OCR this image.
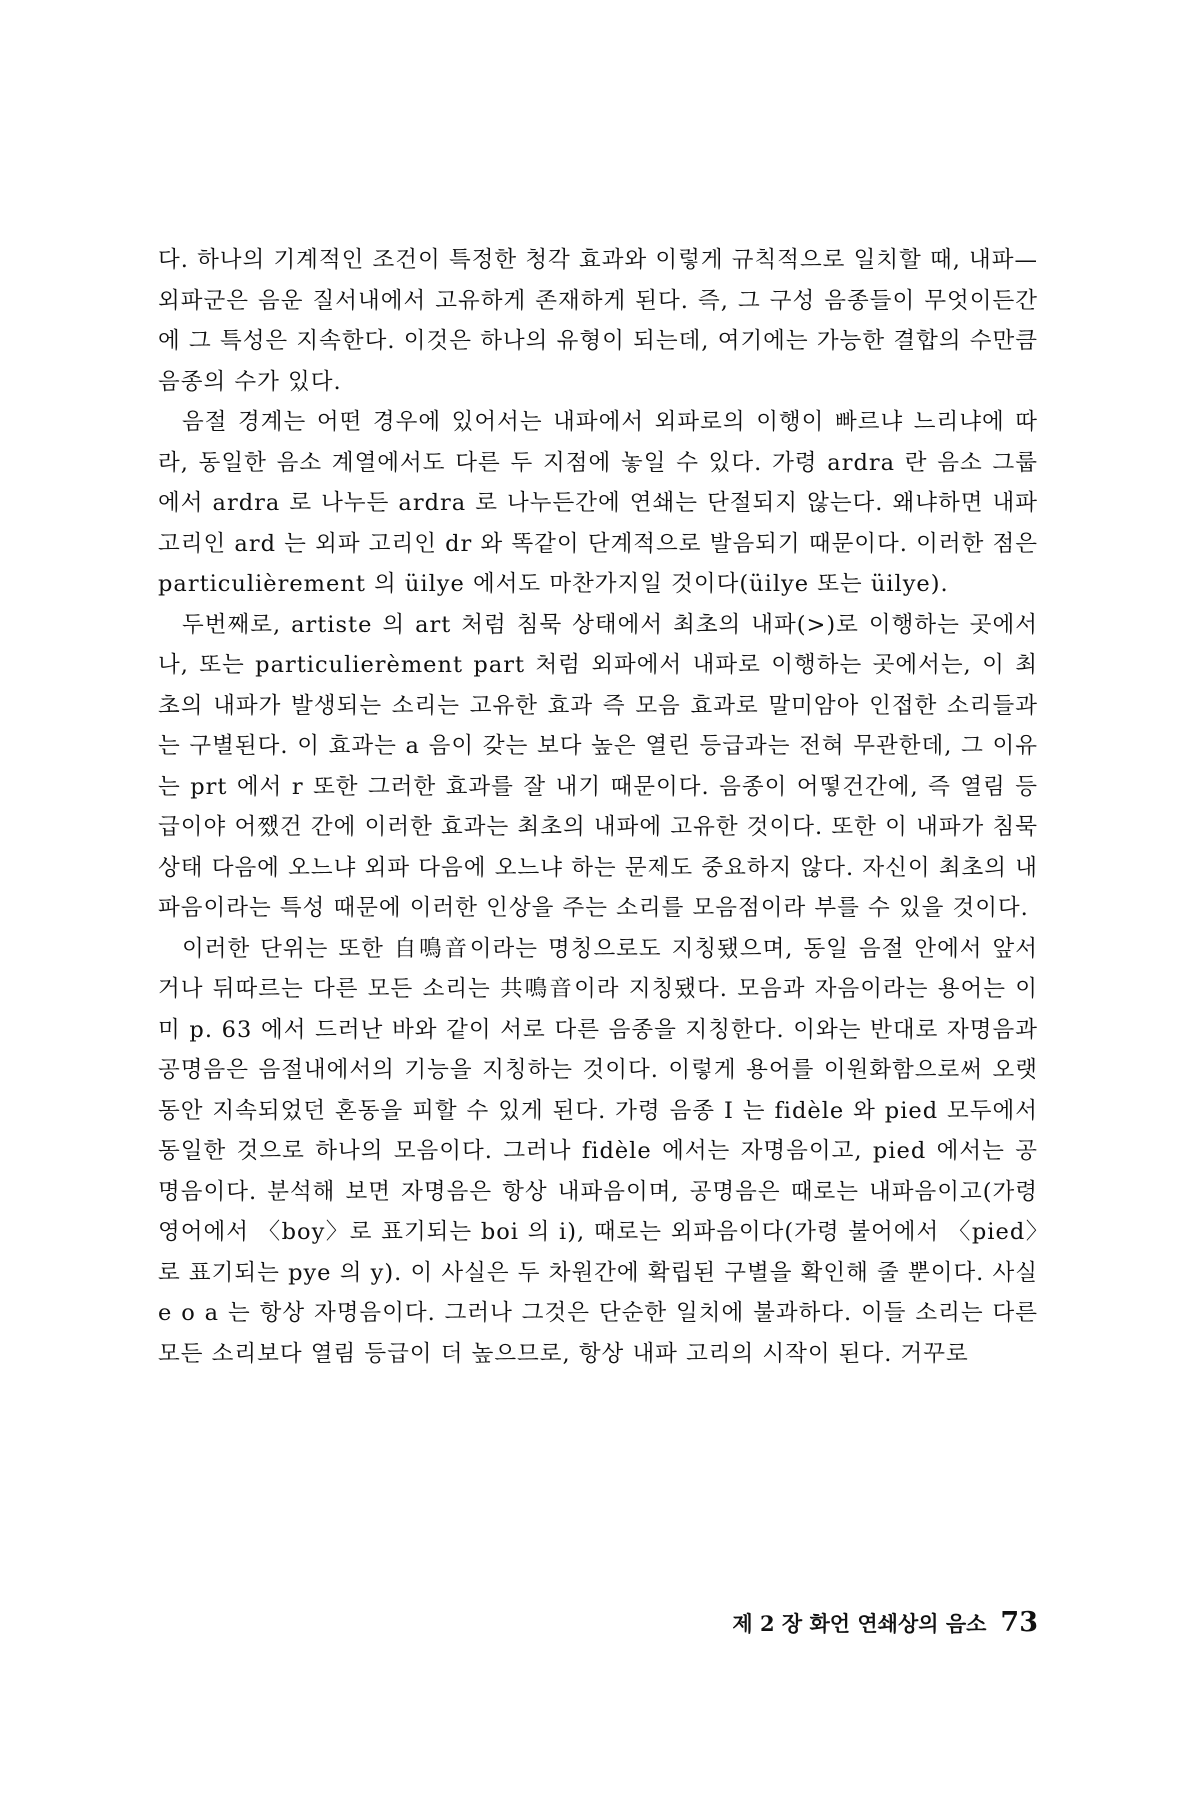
다. 하나의 기계적인 조건이 특정한 청각 효과와 이렇게 규칙적으로 일치할 때, 내파—외파군은 음운 질서내에서 고유하게 존재하게 된다. 즉, 그 구성 음종들이 무엇이든간에 그 특성은 지속한다. 이것은 하나의 유형이 되는데, 여기에는 가능한 결합의 수만큼 음종의 수가 있다.

음절 경계는 어떤 경우에 있어서는 내파에서 외파로의 이행이 빠르냐 느리냐에 따라, 동일한 음소 계열에서도 다른 두 지점에 놓일 수 있다. 가령 ardra 란 음소 그룹에서 ardra 로 나누든 ardra 로 나누든간에 연쇄는 단절되지 않는다. 왜냐하면 내파 고리인 ard 는 외파 고리인 dr 와 똑같이 단계적으로 발음되기 때문이다. 이러한 점은 particulièrement 의 üilye 에서도 마찬가지일 것이다(üilye 또는 üilye).

두번째로, artiste 의 art 처럼 침묵 상태에서 최초의 내파(>)로 이행하는 곳에서나, 또는 particulierèment part 처럼 외파에서 내파로 이행하는 곳에서는, 이 최초의 내파가 발생되는 소리는 고유한 효과 즉 모음 효과로 말미암아 인접한 소리들과는 구별된다. 이 효과는 a 음이 갖는 보다 높은 열린 등급과는 전혀 무관한데, 그 이유는 prt 에서 r 또한 그러한 효과를 잘 내기 때문이다. 음종이 어떻건간에, 즉 열림 등급이야 어쨌건 간에 이러한 효과는 최초의 내파에 고유한 것이다. 또한 이 내파가 침묵 상태 다음에 오느냐 외파 다음에 오느냐 하는 문제도 중요하지 않다. 자신이 최초의 내파음이라는 특성 때문에 이러한 인상을 주는 소리를 모음점이라 부를 수 있을 것이다.

이러한 단위는 또한 自鳴音이라는 명칭으로도 지칭됐으며, 동일 음절 안에서 앞서거나 뒤따르는 다른 모든 소리는 共鳴音이라 지칭됐다. 모음과 자음이라는 용어는 이미 p. 63 에서 드러난 바와 같이 서로 다른 음종을 지칭한다. 이와는 반대로 자명음과 공명음은 음절내에서의 기능을 지칭하는 것이다. 이렇게 용어를 이원화함으로써 오랫동안 지속되었던 혼동을 피할 수 있게 된다. 가령 음종 I 는 fidèle 와 pied 모두에서 동일한 것으로 하나의 모음이다. 그러나 fidèle 에서는 자명음이고, pied 에서는 공명음이다. 분석해 보면 자명음은 항상 내파음이며, 공명음은 때로는 내파음이고(가령 영어에서 〈boy〉로 표기되는 boi 의 i), 때로는 외파음이다(가령 불어에서 〈pied〉로 표기되는 pye 의 y). 이 사실은 두 차원간에 확립된 구별을 확인해 줄 뿐이다. 사실 e o a 는 항상 자명음이다. 그러나 그것은 단순한 일치에 불과하다. 이들 소리는 다른 모든 소리보다 열림 등급이 더 높으므로, 항상 내파 고리의 시작이 된다. 거꾸로

제 2 장 화언 연쇄상의 음소 73
